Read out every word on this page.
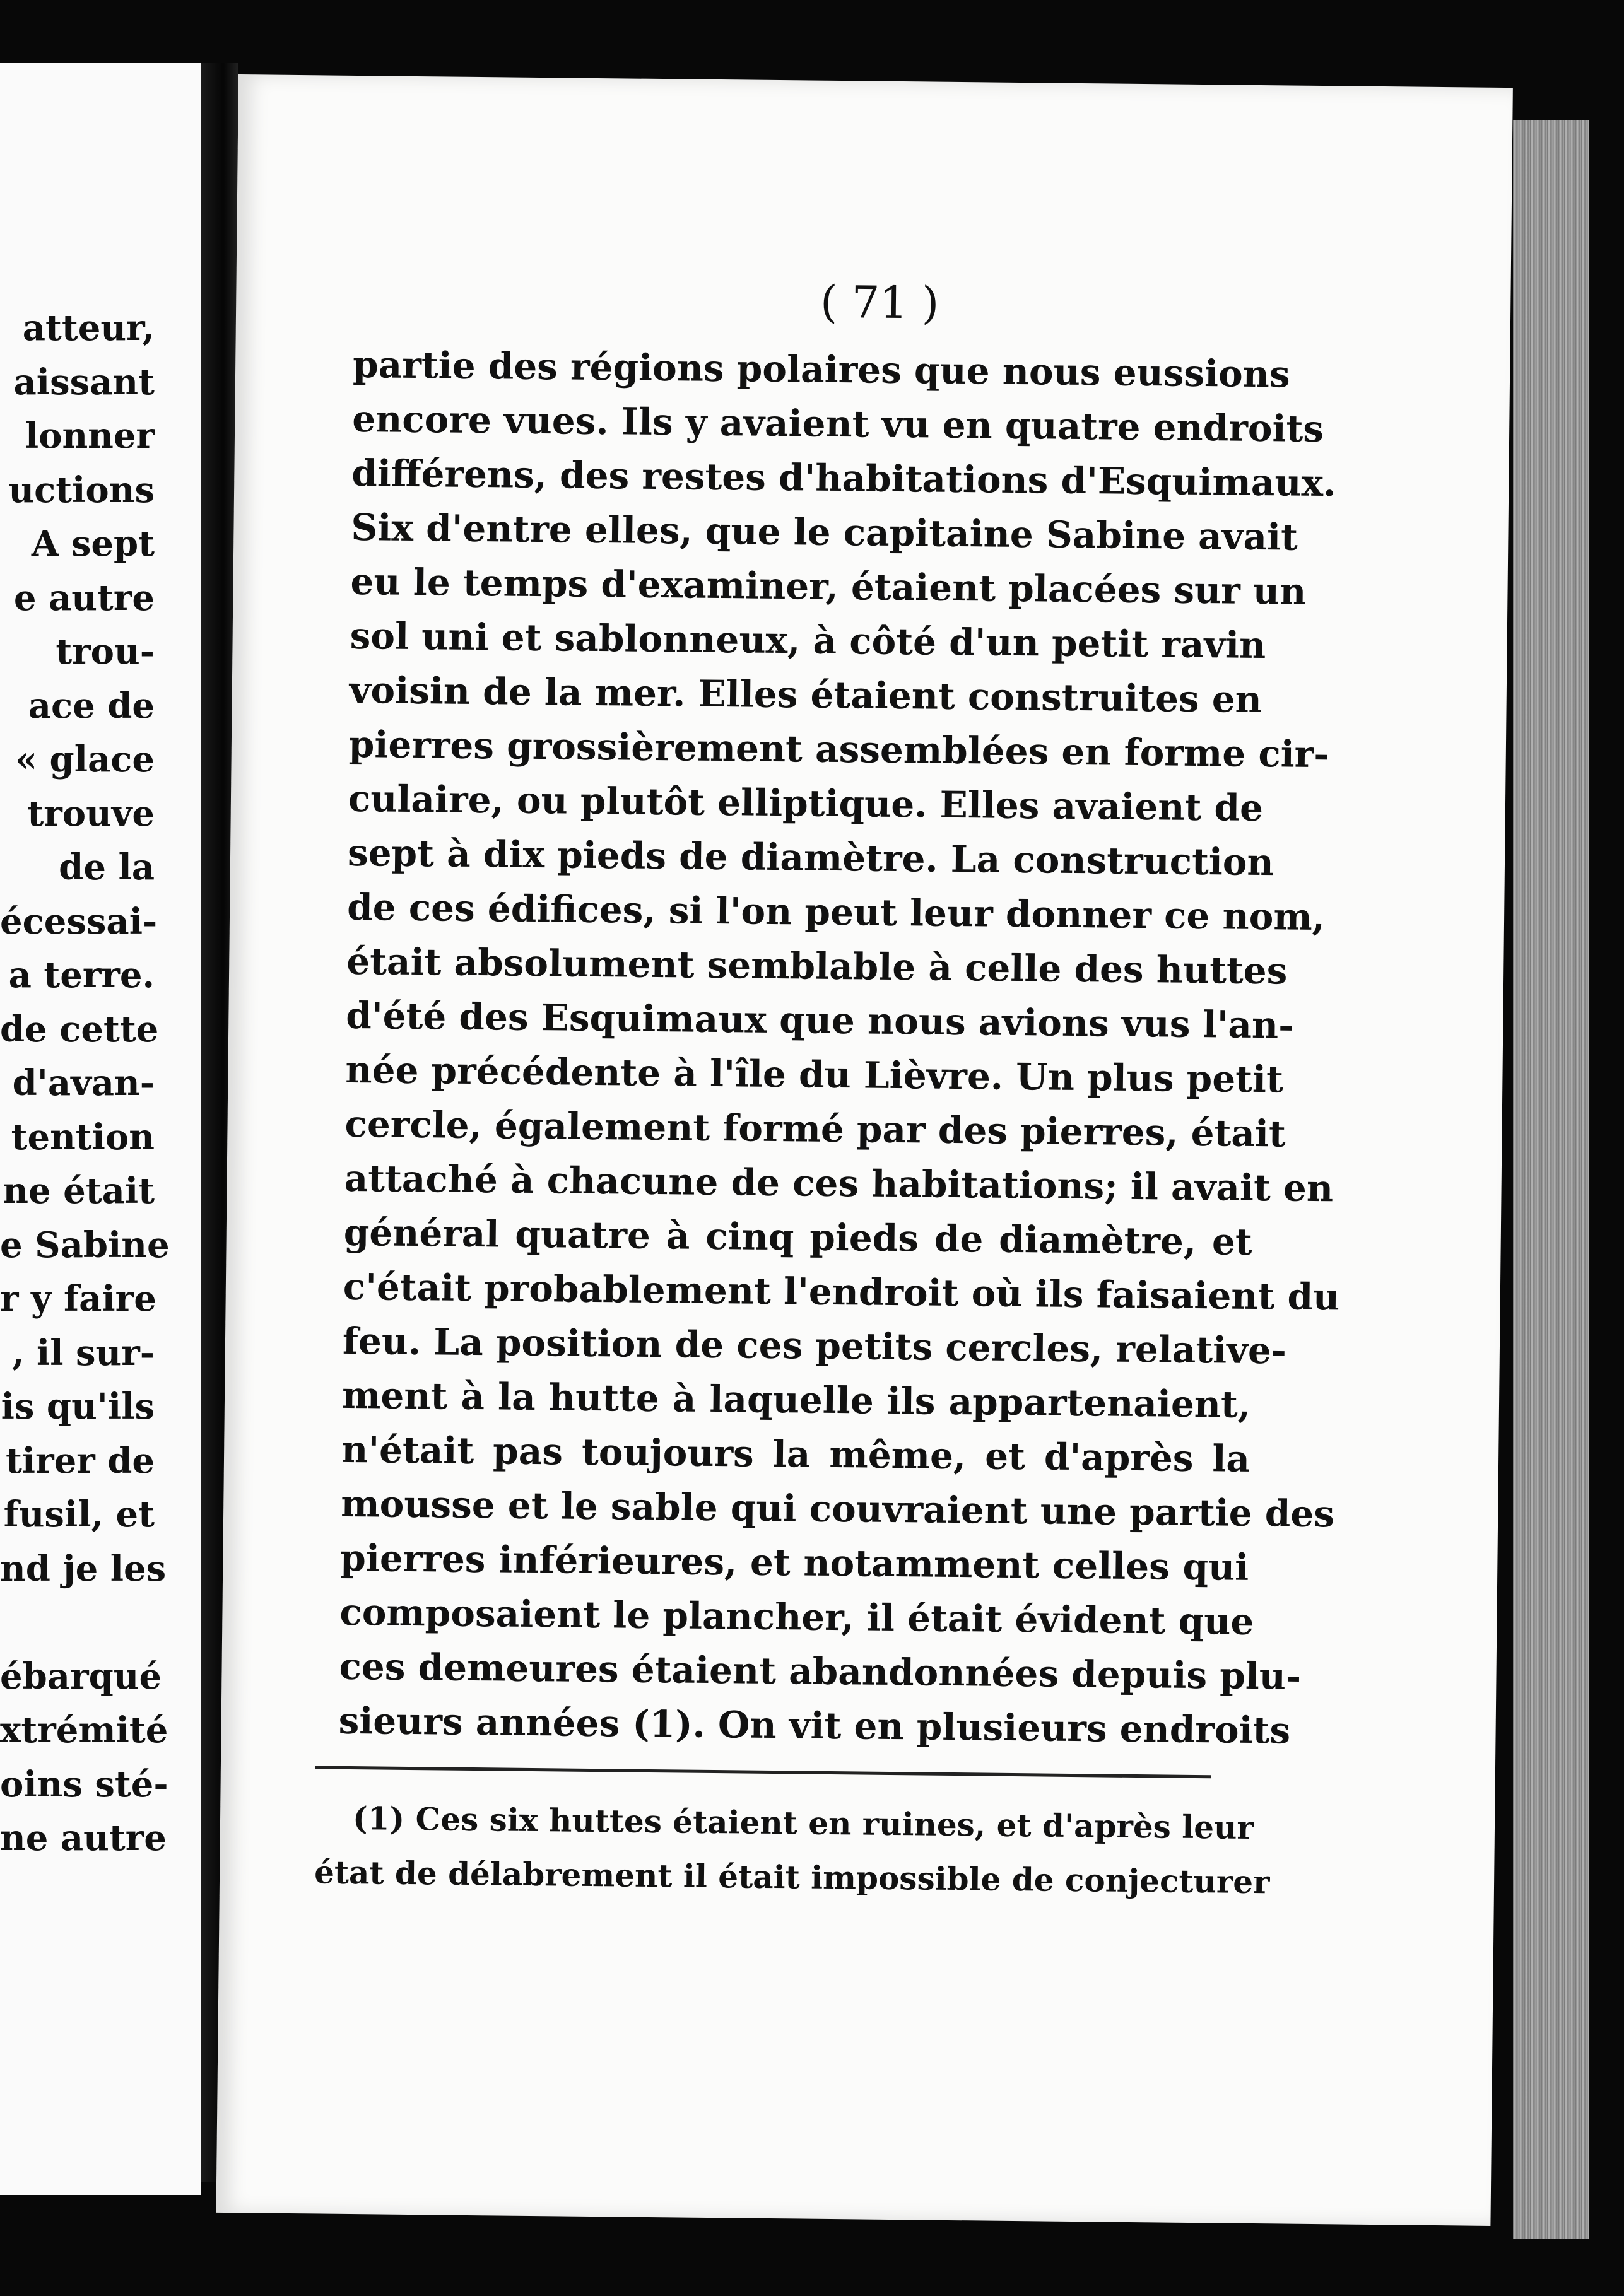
atteur,
aissant
lonner
uctions
A sept
e autre
trou-
ace de
« glace
trouve
de la
écessai-
a terre.
de cette
d'avan-
tention
ne était
e Sabine
r y faire
, il sur-
is qu'ils
tirer de
fusil, et
nd je les
ébarqué
xtrémité
oins sté-
ne autre
( 71 )
partie des régions polaires que nous eussions
encore vues. Ils y avaient vu en quatre endroits
différens, des restes d'habitations d'Esquimaux.
Six d'entre elles, que le capitaine Sabine avait
eu le temps d'examiner, étaient placées sur un
sol uni et sablonneux, à côté d'un petit ravin
voisin de la mer. Elles étaient construites en
pierres grossièrement assemblées en forme cir-
culaire, ou plutôt elliptique. Elles avaient de
sept à dix pieds de diamètre. La construction
de ces édifices, si l'on peut leur donner ce nom,
était absolument semblable à celle des huttes
d'été des Esquimaux que nous avions vus l'an-
née précédente à l'île du Lièvre. Un plus petit
cercle, également formé par des pierres, était
attaché à chacune de ces habitations; il avait en
général quatre à cinq pieds de diamètre, et
c'était probablement l'endroit où ils faisaient du
feu. La position de ces petits cercles, relative-
ment à la hutte à laquelle ils appartenaient,
n'était pas toujours la même, et d'après la
mousse et le sable qui couvraient une partie des
pierres inférieures, et notamment celles qui
composaient le plancher, il était évident que
ces demeures étaient abandonnées depuis plu-
sieurs années (1). On vit en plusieurs endroits
(1) Ces six huttes étaient en ruines, et d'après leur
état de délabrement il était impossible de conjecturer
